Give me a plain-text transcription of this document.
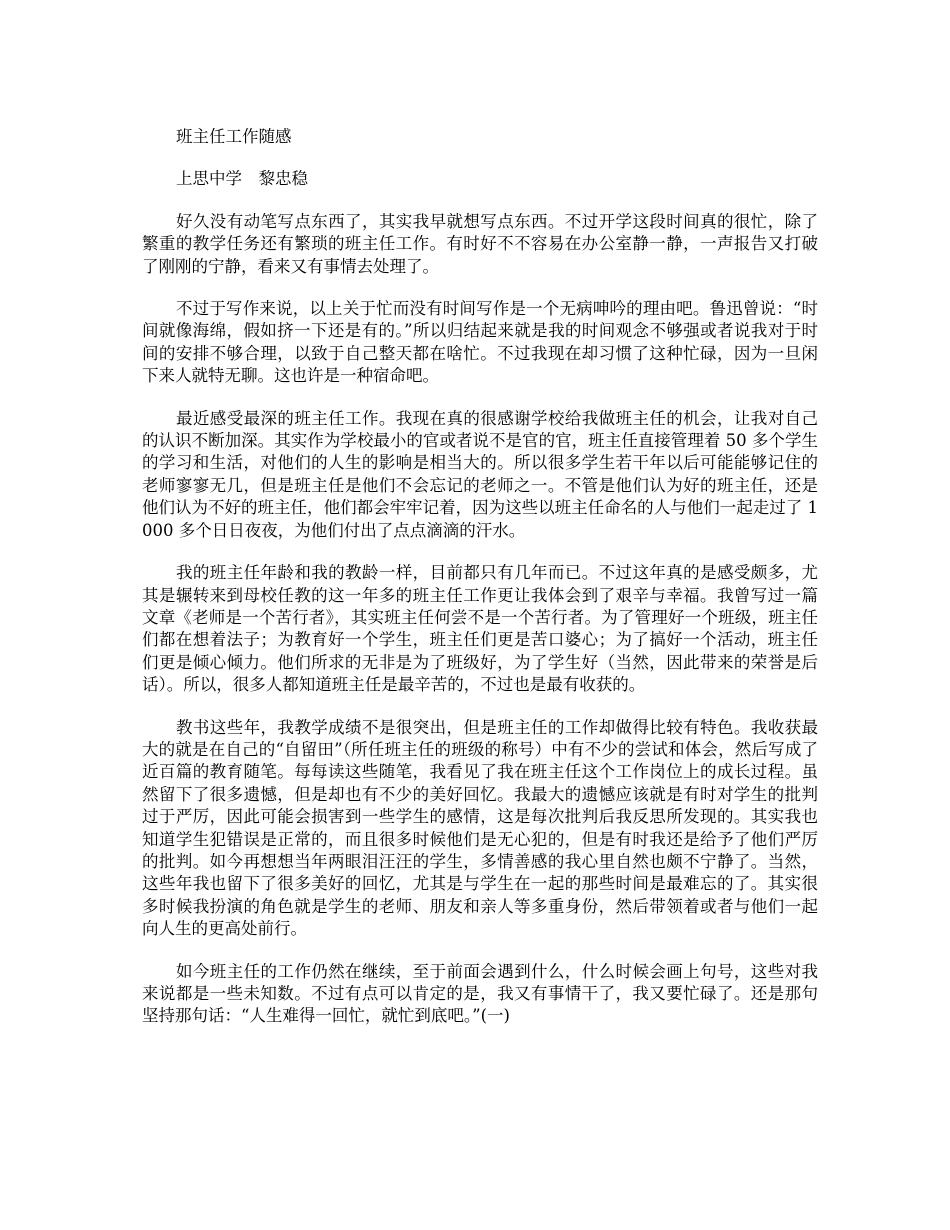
班主任工作随感
上思中学　黎忠稳
好久没有动笔写点东西了，其实我早就想写点东西。不过开学这段时间真的很忙，除了繁重的教学任务还有繁琐的班主任工作。有时好不不容易在办公室静一静，一声报告又打破了刚刚的宁静，看来又有事情去处理了。
不过于写作来说，以上关于忙而没有时间写作是一个无病呻吟的理由吧。鲁迅曾说：“时间就像海绵，假如挤一下还是有的。”所以归结起来就是我的时间观念不够强或者说我对于时间的安排不够合理，以致于自己整天都在啥忙。不过我现在却习惯了这种忙碌，因为一旦闲下来人就特无聊。这也许是一种宿命吧。
最近感受最深的班主任工作。我现在真的很感谢学校给我做班主任的机会，让我对自己的认识不断加深。其实作为学校最小的官或者说不是官的官，班主任直接管理着 50 多个学生的学习和生活，对他们的人生的影响是相当大的。所以很多学生若干年以后可能能够记住的老师寥寥无几，但是班主任是他们不会忘记的老师之一。不管是他们认为好的班主任，还是他们认为不好的班主任，他们都会牢牢记着，因为这些以班主任命名的人与他们一起走过了 1000 多个日日夜夜，为他们付出了点点滴滴的汗水。
我的班主任年龄和我的教龄一样，目前都只有几年而已。不过这年真的是感受颇多，尤其是辗转来到母校任教的这一年多的班主任工作更让我体会到了艰辛与幸福。我曾写过一篇文章《老师是一个苦行者》，其实班主任何尝不是一个苦行者。为了管理好一个班级，班主任们都在想着法子；为教育好一个学生，班主任们更是苦口婆心；为了搞好一个活动，班主任们更是倾心倾力。他们所求的无非是为了班级好，为了学生好（当然，因此带来的荣誉是后话）。所以，很多人都知道班主任是最辛苦的，不过也是最有收获的。
教书这些年，我教学成绩不是很突出，但是班主任的工作却做得比较有特色。我收获最大的就是在自己的“自留田”（所任班主任的班级的称号）中有不少的尝试和体会，然后写成了近百篇的教育随笔。每每读这些随笔，我看见了我在班主任这个工作岗位上的成长过程。虽然留下了很多遗憾，但是却也有不少的美好回忆。我最大的遗憾应该就是有时对学生的批判过于严厉，因此可能会损害到一些学生的感情，这是每次批判后我反思所发现的。其实我也知道学生犯错误是正常的，而且很多时候他们是无心犯的，但是有时我还是给予了他们严厉的批判。如今再想想当年两眼泪汪汪的学生，多情善感的我心里自然也颇不宁静了。当然，这些年我也留下了很多美好的回忆，尤其是与学生在一起的那些时间是最难忘的了。其实很多时候我扮演的角色就是学生的老师、朋友和亲人等多重身份，然后带领着或者与他们一起向人生的更高处前行。
如今班主任的工作仍然在继续，至于前面会遇到什么，什么时候会画上句号，这些对我来说都是一些未知数。不过有点可以肯定的是，我又有事情干了，我又要忙碌了。还是那句坚持那句话：“人生难得一回忙，就忙到底吧。”(一)
